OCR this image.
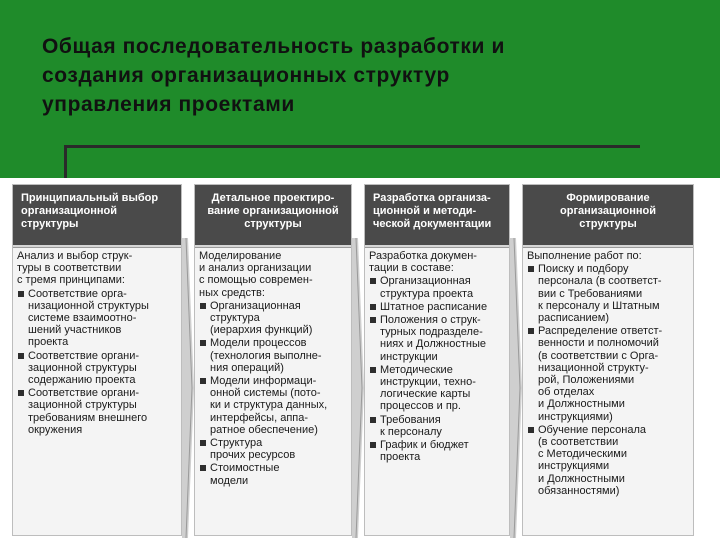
Общая последовательность разработки и
создания организационных структур
управления проектами
Принципиальный выбор
организационной
структуры
Анализ и выбор струк-
туры в соответствии
с тремя принципами:
Соответствие орга-
низационной структуры
системе взаимоотно-
шений участников
проекта
Соответствие органи-
зационной структуры
содержанию проекта
Соответствие органи-
зационной структуры
требованиям внешнего
окружения
Детальное проектиро-
вание организационной
структуры
Моделирование
и анализ организации
с помощью современ-
ных средств:
Организационная
структура
(иерархия функций)
Модели процессов
(технология выполне-
ния операций)
Модели информаци-
онной системы (пото-
ки и структура данных,
интерфейсы, аппа-
ратное обеспечение)
Структура
прочих ресурсов
Стоимостные
модели
Разработка организа-
ционной и методи-
ческой документации
Разработка докумен-
тации в составе:
Организационная
структура проекта
Штатное расписание
Положения о струк-
турных подразделе-
ниях и Должностные
инструкции
Методические
инструкции, техно-
логические карты
процессов и пр.
Требования
к персоналу
График и бюджет
проекта
Формирование
организационной
структуры
Выполнение работ по:
Поиску и подбору
персонала (в соответст-
вии с Требованиями
к персоналу и Штатным
расписанием)
Распределение ответст-
венности и полномочий
(в соответствии с Орга-
низационной структу-
рой, Положениями
об отделах
и Должностными
инструкциями)
Обучение персонала
(в соответствии
с Методическими
инструкциями
и Должностными
обязанностями)
